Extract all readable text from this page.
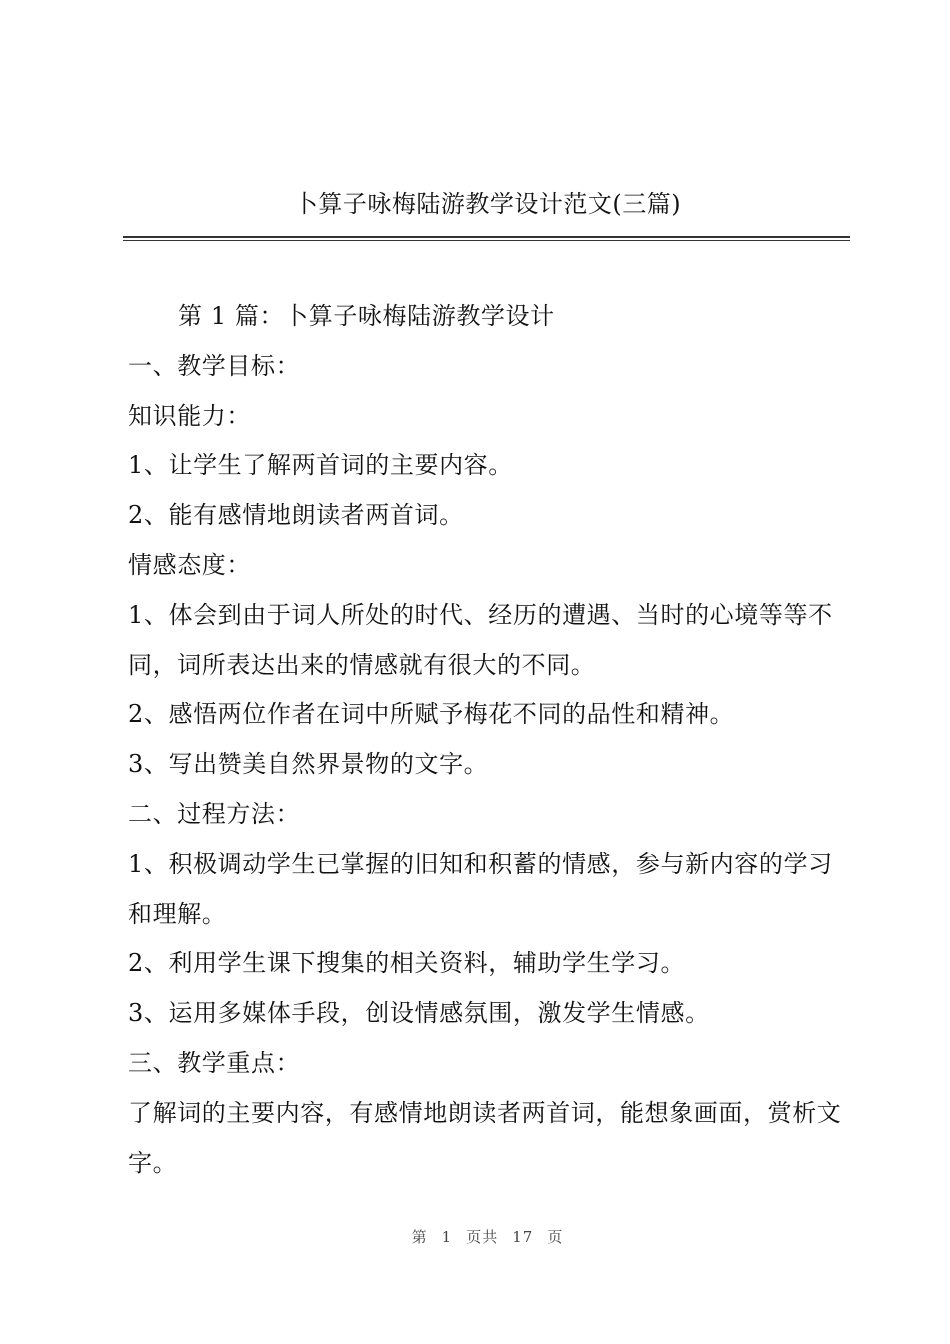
卜算子咏梅陆游教学设计范文(三篇)

第 1 篇：卜算子咏梅陆游教学设计

一、教学目标：

知识能力：

1、让学生了解两首词的主要内容。

2、能有感情地朗读者两首词。

情感态度：

1、体会到由于词人所处的时代、经历的遭遇、当时的心境等等不同，词所表达出来的情感就有很大的不同。

2、感悟两位作者在词中所赋予梅花不同的品性和精神。

3、写出赞美自然界景物的文字。

二、过程方法：

1、积极调动学生已掌握的旧知和积蓄的情感，参与新内容的学习和理解。

2、利用学生课下搜集的相关资料，辅助学生学习。

3、运用多媒体手段，创设情感氛围，激发学生情感。

三、教学重点：

了解词的主要内容，有感情地朗读者两首词，能想象画面，赏析文字。

第 1 页共 17 页
